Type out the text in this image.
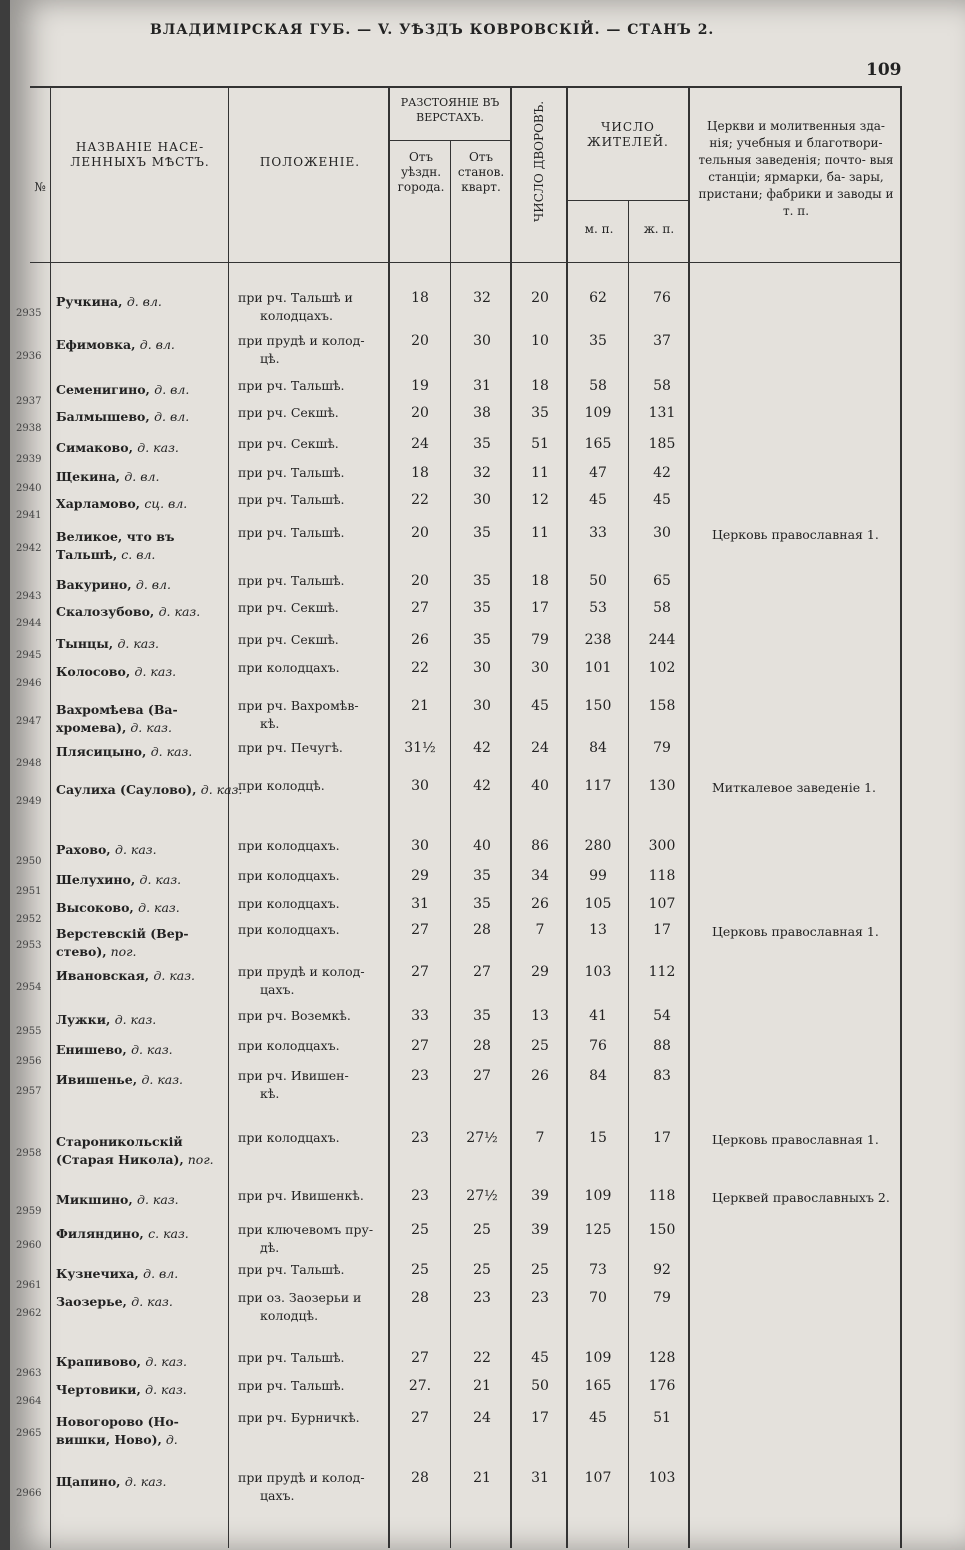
ВЛАДИМІРСКАЯ ГУБ. — V. УѢЗДЪ КОВРОВСКІЙ. — СТАНЪ 2.
109
№
НАЗВАНІЕ НАСЕ- ЛЕННЫХЪ МѢСТЪ.	ПОЛОЖЕНІЕ.
РАЗСТОЯНІЕ ВЪ ВЕРСТАХЪ.
Отъ уѣздн. города.
Отъ станов. кварт.	ЧИСЛО ДВОРОВЪ.	ЧИСЛО ЖИТЕЛЕЙ.
м. п.	ж. п.
Церкви и молитвенныя зда- нія; учебныя и благотвори- тельныя заведенія; почто- выя станціи; ярмарки, ба- зары, пристани; фабрики и заводы и т. п.
2935
Ручкина, д. вл.	при рч. Тальшѣ и
колодцахъ.
18	32	20	62	76
2936
Ефимовка, д. вл.	при прудѣ и колод-
цѣ.
20	30	10	35	37
2937
Семенигино, д. вл.	при рч. Тальшѣ.	19	31	18	58	58
2938
Балмышево, д. вл.	при рч. Секшѣ.	20	38	35	109	131
2939
Симаково, д. каз.	при рч. Секшѣ.	24	35	51	165	185
2940
Щекина, д. вл.	при рч. Тальшѣ.	18	32	11	47	42
2941
Харламово, сц. вл.	при рч. Тальшѣ.	22	30	12	45	45
2942
Великое, что въ
Тальшѣ, с. вл.
при рч. Тальшѣ.	20	35	11	33	30	Церковь православная 1.
2943
Вакурино, д. вл.	при рч. Тальшѣ.	20	35	18	50	65
2944
Скалозубово, д. каз.	при рч. Секшѣ.	27	35	17	53	58
2945
Тынцы, д. каз.	при рч. Секшѣ.	26	35	79	238	244
2946
Колосово, д. каз.	при колодцахъ.	22	30	30	101	102
2947
Вахромѣева (Ва-
хромева), д. каз.
при рч. Вахромѣв-
кѣ.
21	30	45	150	158
2948
Плясицыно, д. каз.	при рч. Печугѣ.	31½	42	24	84	79
2949
Саулиха (Саулово), д. каз.
при колодцѣ.	30	42	40	117	130	Миткалевое заведеніе 1.
2950
Рахово, д. каз.	при колодцахъ.	30	40	86	280	300
2951
Шелухино, д. каз.	при колодцахъ.	29	35	34	99	118
2952
Высоково, д. каз.	при колодцахъ.	31	35	26	105	107
2953
Верстевскій (Вер-
стево), пог.
при колодцахъ.	27	28	7	13	17	Церковь православная 1.
2954
Ивановская, д. каз.	при прудѣ и колод-
цахъ.
27	27	29	103	112
2955
Лужки, д. каз.	при рч. Воземкѣ.	33	35	13	41	54
2956
Енишево, д. каз.	при колодцахъ.	27	28	25	76	88
2957
Ивишенье, д. каз.	при рч. Ивишен-
кѣ.
23	27	26	84	83
2958
Староникольскій
(Старая Никола), пог.
при колодцахъ.	23	27½	7	15	17	Церковь православная 1.
2959
Микшино, д. каз.	при рч. Ивишенкѣ.	23	27½	39	109	118	Церквей православныхъ 2.
2960
Филяндино, с. каз.	при ключевомъ пру-
дѣ.
25	25	39	125	150
2961
Кузнечиха, д. вл.	при рч. Тальшѣ.	25	25	25	73	92
2962
Заозерье, д. каз.	при оз. Заозерьи и
колодцѣ.
28	23	23	70	79
2963
Крапивово, д. каз.	при рч. Тальшѣ.	27	22	45	109	128
2964
Чертовики, д. каз.	при рч. Тальшѣ.	27.	21	50	165	176
2965
Новогорово (Но-
вишки, Ново), д.
при рч. Бурничкѣ.	27	24	17	45	51
2966
Щапино, д. каз.	при прудѣ и колод-
цахъ.
28	21	31	107	103
